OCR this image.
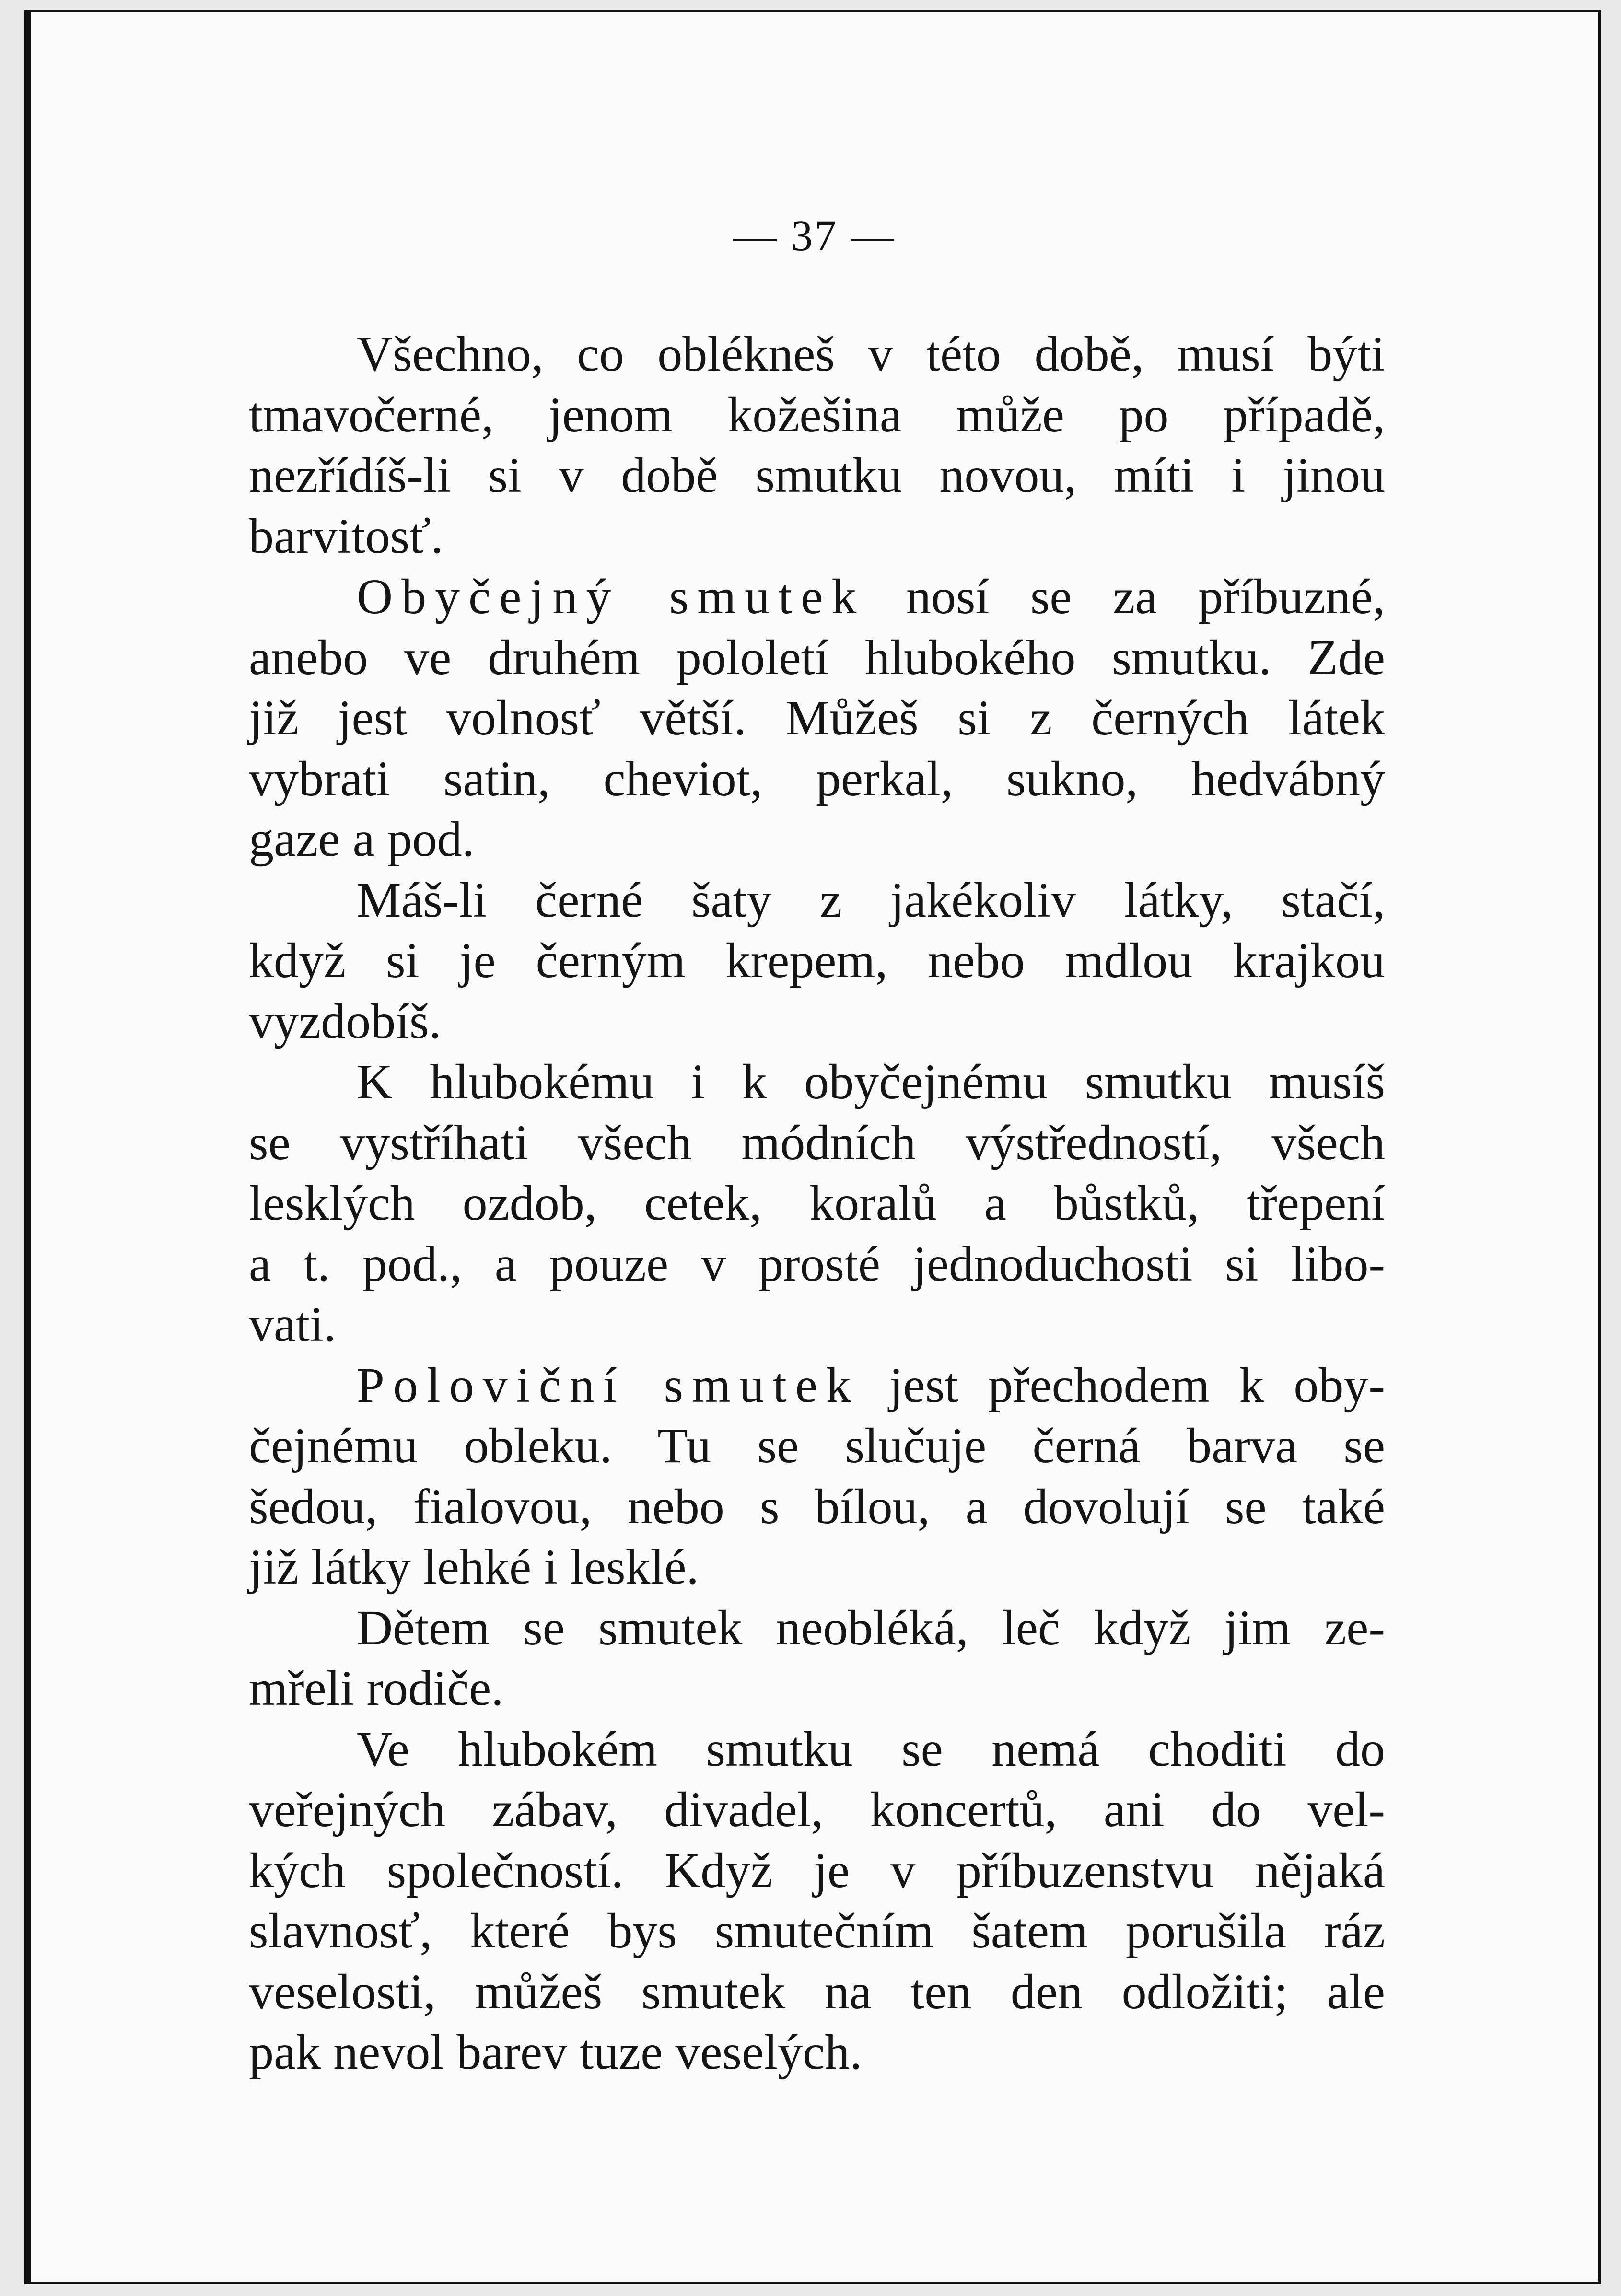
— 37 —

Všechno, co oblékneš v této době, musí býti
tmavočerné, jenom kožešina může po případě,
nezřídíš-li si v době smutku novou, míti i jinou
barvitosť.

Obyčejný smutek nosí se za příbuzné,
anebo ve druhém pololetí hlubokého smutku. Zde
již jest volnosť větší. Můžeš si z černých látek
vybrati satin, cheviot, perkal, sukno, hedvábný
gaze a pod.

Máš-li černé šaty z jakékoliv látky, stačí,
když si je černým krepem, nebo mdlou krajkou
vyzdobíš.

K hlubokému i k obyčejnému smutku musíš
se vystříhati všech módních výstředností, všech
lesklých ozdob, cetek, koralů a bůstků, třepení
a t. pod., a pouze v prosté jednoduchosti si libo-
vati.

Poloviční smutek jest přechodem k oby-
čejnému obleku. Tu se slučuje černá barva se
šedou, fialovou, nebo s bílou, a dovolují se také
již látky lehké i lesklé.

Dětem se smutek neobléká, leč když jim ze-
mřeli rodiče.

Ve hlubokém smutku se nemá choditi do
veřejných zábav, divadel, koncertů, ani do vel-
kých společností. Když je v příbuzenstvu nějaká
slavnosť, které bys smutečním šatem porušila ráz
veselosti, můžeš smutek na ten den odložiti; ale
pak nevol barev tuze veselých.
